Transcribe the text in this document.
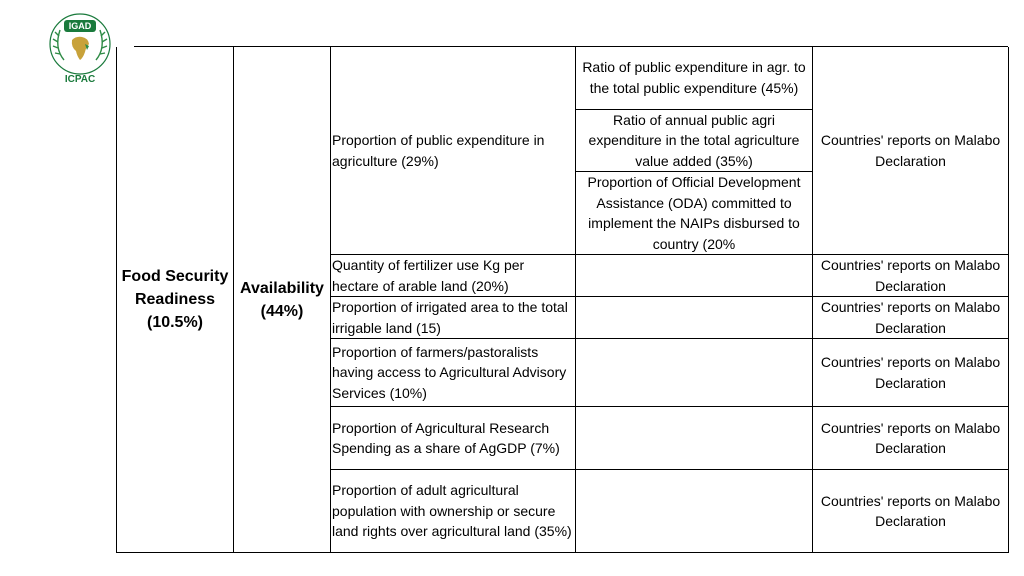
IGAD
ICPAC
Food Security Readiness (10.5%)	Availability (44%)	Proportion of public expenditure in agriculture (29%)	Ratio of public expenditure in agr. to the total public expenditure (45%)	Countries' reports on Malabo Declaration
			Ratio of annual public agri expenditure in the total agriculture value added (35%)	
			Proportion of Official Development Assistance (ODA) committed to implement the NAIPs disbursed to country (20%	
		Quantity of fertilizer use Kg per hectare of arable land (20%)		Countries' reports on Malabo Declaration
		Proportion of irrigated area to the total irrigable land (15)		Countries' reports on Malabo Declaration
		Proportion of farmers/pastoralists having access to Agricultural Advisory Services (10%)		Countries' reports on Malabo Declaration
		Proportion of Agricultural Research Spending as a share of AgGDP (7%)		Countries' reports on Malabo Declaration
		Proportion of adult agricultural population with ownership or secure land rights over agricultural land (35%)		Countries' reports on Malabo Declaration
